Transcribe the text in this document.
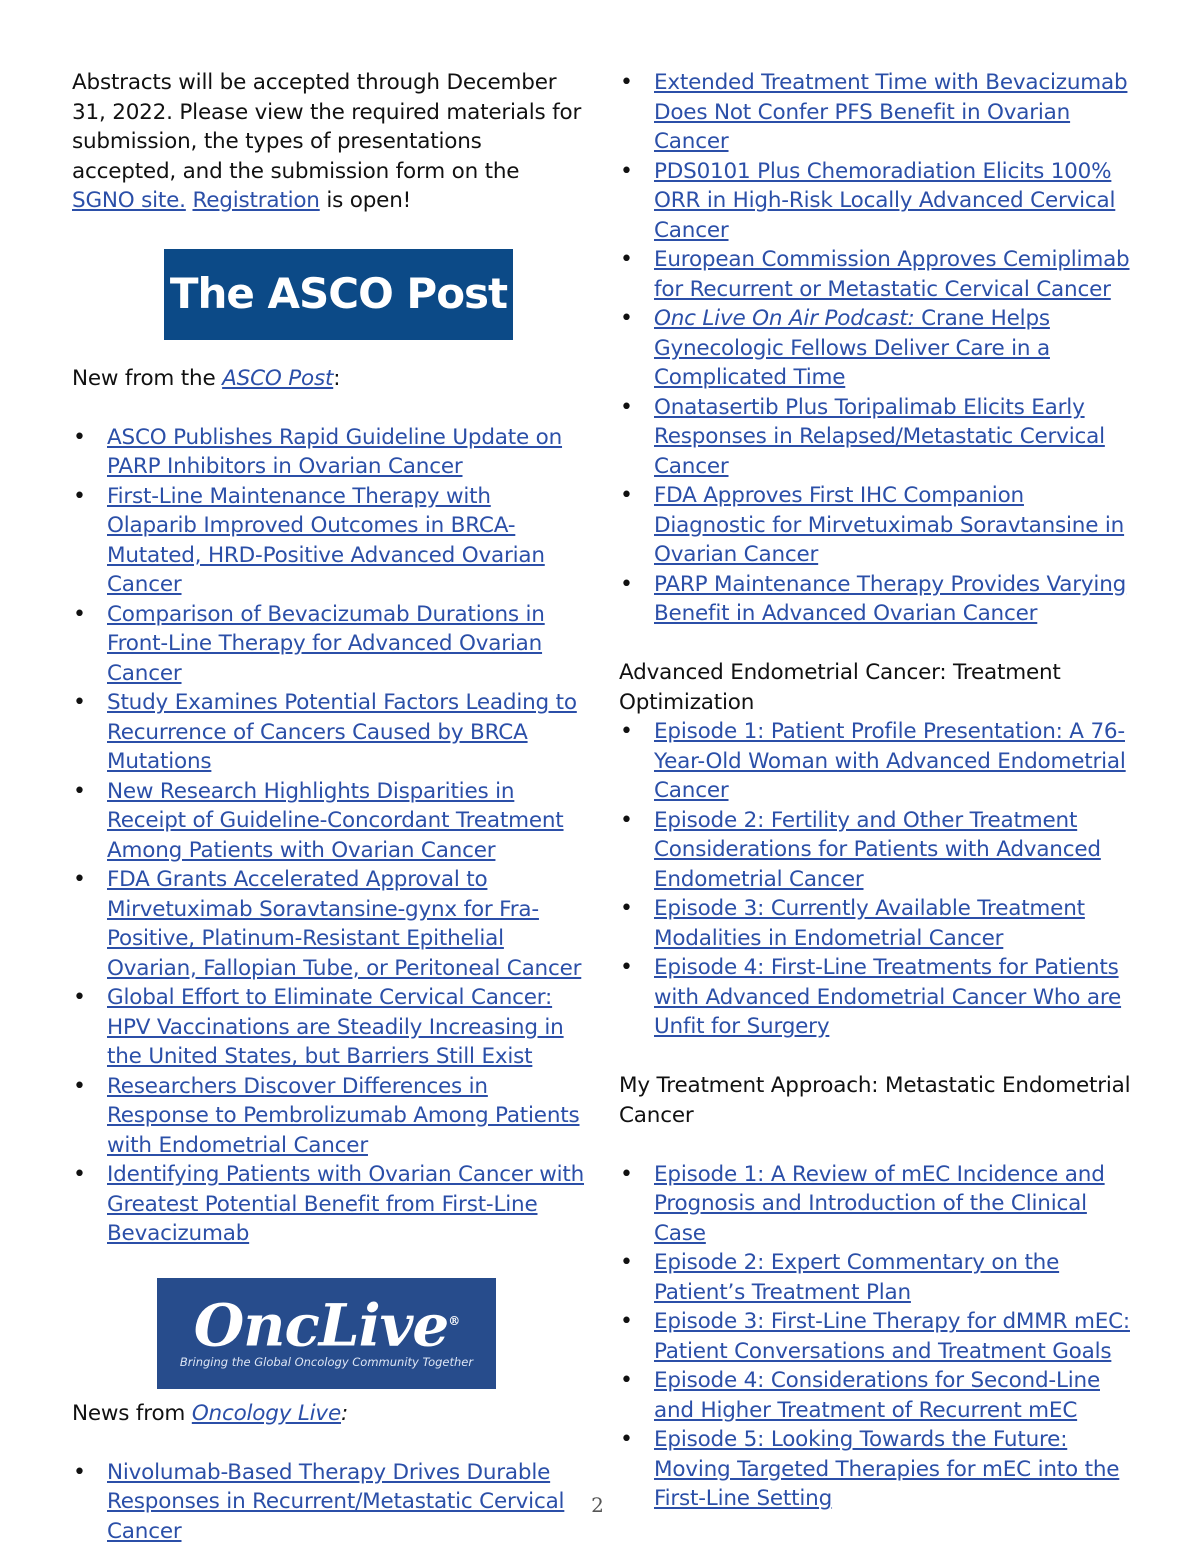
Abstracts will be accepted through December 31, 2022. Please view the required materials for submission, the types of presentations accepted, and the submission form on the SGNO site. Registration is open!

The ASCO Post

New from the ASCO Post:

• ASCO Publishes Rapid Guideline Update on PARP Inhibitors in Ovarian Cancer
• First-Line Maintenance Therapy with Olaparib Improved Outcomes in BRCA-Mutated, HRD-Positive Advanced Ovarian Cancer
• Comparison of Bevacizumab Durations in Front-Line Therapy for Advanced Ovarian Cancer
• Study Examines Potential Factors Leading to Recurrence of Cancers Caused by BRCA Mutations
• New Research Highlights Disparities in Receipt of Guideline-Concordant Treatment Among Patients with Ovarian Cancer
• FDA Grants Accelerated Approval to Mirvetuximab Soravtansine-gynx for Fra-Positive, Platinum-Resistant Epithelial Ovarian, Fallopian Tube, or Peritoneal Cancer
• Global Effort to Eliminate Cervical Cancer: HPV Vaccinations are Steadily Increasing in the United States, but Barriers Still Exist
• Researchers Discover Differences in Response to Pembrolizumab Among Patients with Endometrial Cancer
• Identifying Patients with Ovarian Cancer with Greatest Potential Benefit from First-Line Bevacizumab
OncLive®
Bringing the Global Oncology Community Together

News from Oncology Live:

• Nivolumab-Based Therapy Drives Durable Responses in Recurrent/Metastatic Cervical Cancer
• Extended Treatment Time with Bevacizumab Does Not Confer PFS Benefit in Ovarian Cancer
• PDS0101 Plus Chemoradiation Elicits 100% ORR in High-Risk Locally Advanced Cervical Cancer
• European Commission Approves Cemiplimab for Recurrent or Metastatic Cervical Cancer
• Onc Live On Air Podcast: Crane Helps Gynecologic Fellows Deliver Care in a Complicated Time
• Onatasertib Plus Toripalimab Elicits Early Responses in Relapsed/Metastatic Cervical Cancer
• FDA Approves First IHC Companion Diagnostic for Mirvetuximab Soravtansine in Ovarian Cancer
• PARP Maintenance Therapy Provides Varying Benefit in Advanced Ovarian Cancer

Advanced Endometrial Cancer: Treatment Optimization

• Episode 1: Patient Profile Presentation: A 76-Year-Old Woman with Advanced Endometrial Cancer
• Episode 2: Fertility and Other Treatment Considerations for Patients with Advanced Endometrial Cancer
• Episode 3: Currently Available Treatment Modalities in Endometrial Cancer
• Episode 4: First-Line Treatments for Patients with Advanced Endometrial Cancer Who are Unfit for Surgery

My Treatment Approach: Metastatic Endometrial Cancer

• Episode 1: A Review of mEC Incidence and Prognosis and Introduction of the Clinical Case
• Episode 2: Expert Commentary on the Patient’s Treatment Plan
• Episode 3: First-Line Therapy for dMMR mEC: Patient Conversations and Treatment Goals
• Episode 4: Considerations for Second-Line and Higher Treatment of Recurrent mEC
• Episode 5: Looking Towards the Future: Moving Targeted Therapies for mEC into the First-Line Setting
2
